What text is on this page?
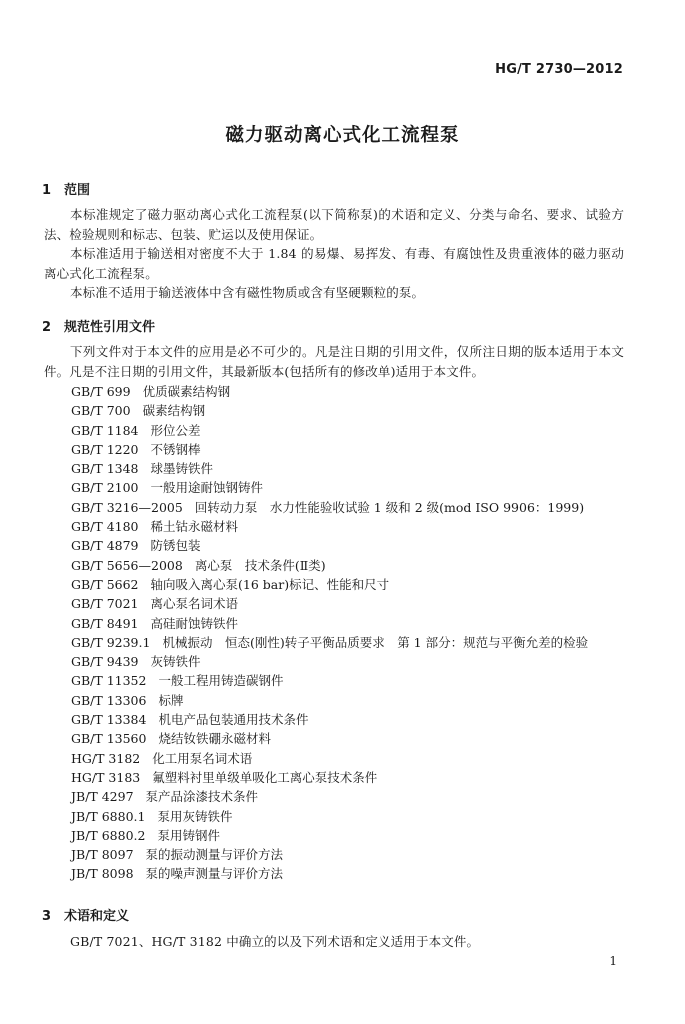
HG/T 2730—2012
磁力驱动离心式化工流程泵
1 范围

本标准规定了磁力驱动离心式化工流程泵(以下简称泵)的术语和定义、分类与命名、要求、试验方法、检验规则和标志、包装、贮运以及使用保证。

本标准适用于输送相对密度不大于 1.84 的易爆、易挥发、有毒、有腐蚀性及贵重液体的磁力驱动离心式化工流程泵。

本标准不适用于输送液体中含有磁性物质或含有坚硬颗粒的泵。

2 规范性引用文件

下列文件对于本文件的应用是必不可少的。凡是注日期的引用文件，仅所注日期的版本适用于本文件。凡是不注日期的引用文件，其最新版本(包括所有的修改单)适用于本文件。

GB/T 699 优质碳素结构钢
GB/T 700 碳素结构钢
GB/T 1184 形位公差
GB/T 1220 不锈钢棒
GB/T 1348 球墨铸铁件
GB/T 2100 一般用途耐蚀钢铸件
GB/T 3216—2005 回转动力泵　水力性能验收试验 1 级和 2 级(mod ISO 9906：1999)
GB/T 4180 稀土钴永磁材料
GB/T 4879 防锈包装
GB/T 5656—2008 离心泵　技术条件(Ⅱ类)
GB/T 5662 轴向吸入离心泵(16 bar)标记、性能和尺寸
GB/T 7021 离心泵名词术语
GB/T 8491 高硅耐蚀铸铁件
GB/T 9239.1 机械振动　恒态(刚性)转子平衡品质要求　第 1 部分：规范与平衡允差的检验
GB/T 9439 灰铸铁件
GB/T 11352 一般工程用铸造碳钢件
GB/T 13306 标牌
GB/T 13384 机电产品包装通用技术条件
GB/T 13560 烧结钕铁硼永磁材料
HG/T 3182 化工用泵名词术语
HG/T 3183 氟塑料衬里单级单吸化工离心泵技术条件
JB/T 4297 泵产品涂漆技术条件
JB/T 6880.1 泵用灰铸铁件
JB/T 6880.2 泵用铸钢件
JB/T 8097 泵的振动测量与评价方法
JB/T 8098 泵的噪声测量与评价方法
3 术语和定义

GB/T 7021、HG/T 3182 中确立的以及下列术语和定义适用于本文件。

1
